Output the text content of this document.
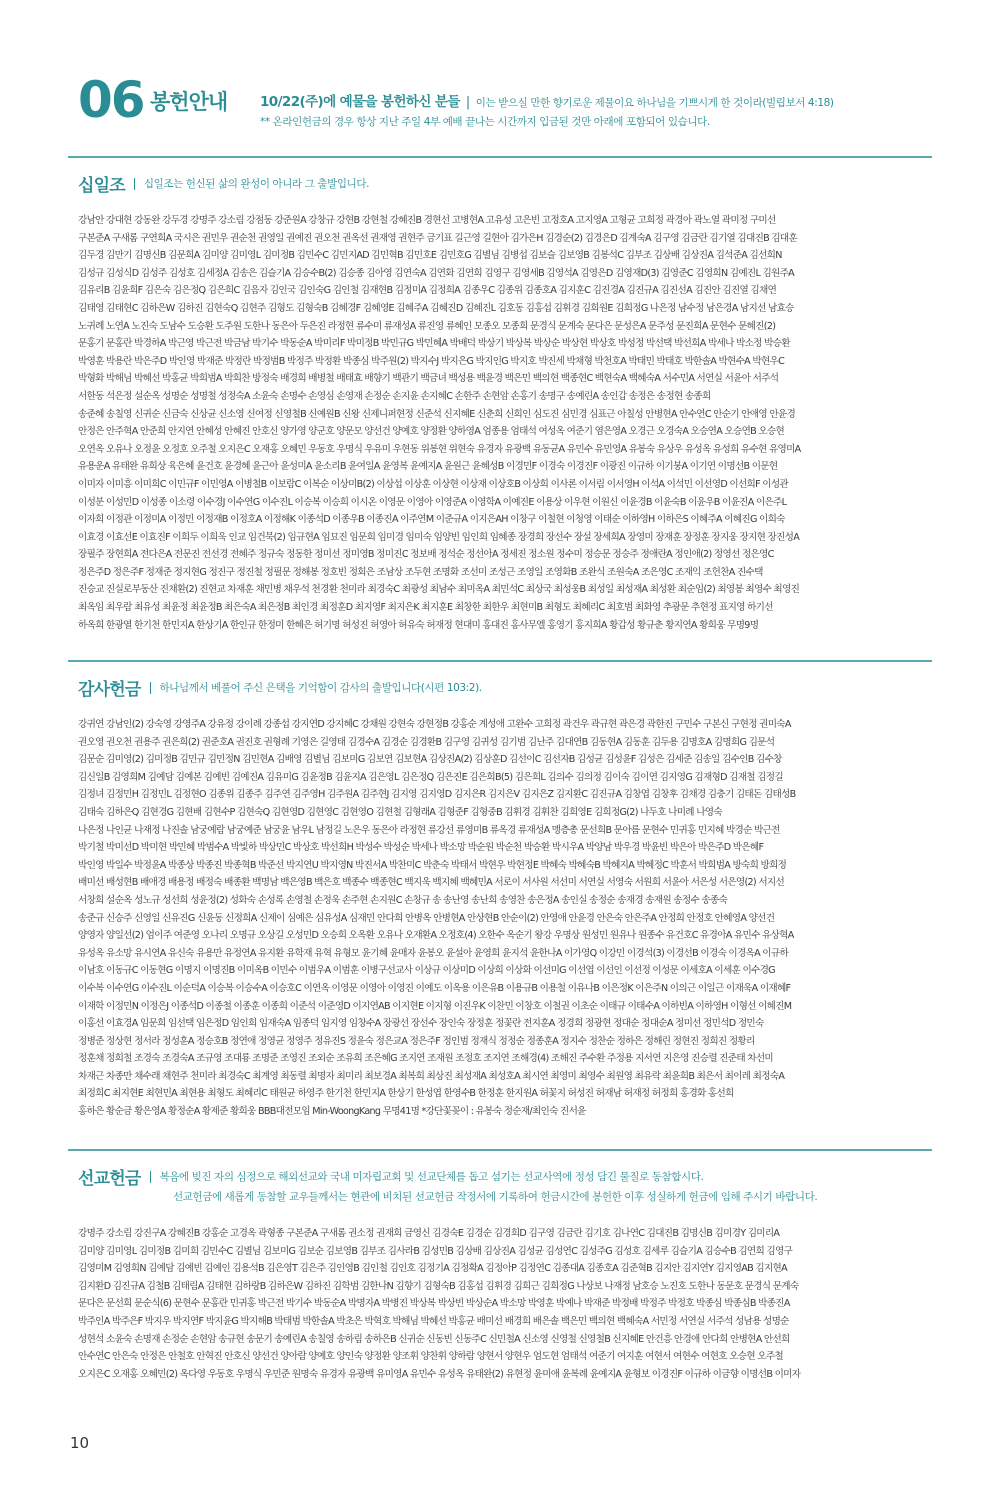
06 봉헌안내 10/22(주)에 예물을 봉헌하신 분들 | 이는 받으실 만한 향기로운 제물이요 하나님을 기쁘시게 한 것이라(빌립보서 4:18)
** 온라인헌금의 경우 항상 지난 주일 4부 예배 끝나는 시간까지 입금된 것만 아래에 포함되어 있습니다.
십일조 십일조는 헌신된 삶의 완성이 아니라 그 출발입니다.
강남안 강대현 강동완 강두경 강명주 강소림 강점동 강준원A 강창규 강현B 강현철 강혜진B 경현선 고병현A 고유성 고은빈 고정호A 고지영A 고형균 고희정 곽경아 곽노열 곽미정 구미선
구본준A 구새롬 구연희A 국시은 권민우 권순천 권영일 권예진 권오천 권옥선 권재영 권현주 금기표 길근영 길현아 김가은H 김경순(2) 김경은D 김계숙A 김구영 김금란 김기열 김대진B 김대훈
김두경 김만기 김명신B 김문희A 김미양 김미영L 김미정B 김민수C 김민지AD 김민혁B 김민호E 김민호G 김별님 김병섭 김보슬 김보영B 김봉석C 김부조 김상배 김상진A 김석준A 김선희N
김성규 김성식D 김성주 김성호 김세정A 김송은 김슬기A 김승수B(2) 김승종 김아영 김연숙A 김연화 김연희 김영구 김영세B 김영석A 김영은D 김영재D(3) 김영준C 김영희N 김예진L 김원주A
김유리B 김윤희F 김은숙 김은정Q 김은희C 김음자 김인국 김인숙G 김인철 김재현B 김정미A 김정희A 김종우C 김종위 김종호A 김지훈C 김진경A 김진규A 김진선A 김진안 김진열 김채연
김태영 김태현C 김하은W 김하진 김현숙Q 김현주 김형도 김형숙B 김혜경F 김혜영E 김혜주A 김혜진D 김혜진L 김호동 김홍섭 김휘경 김희원E 김희정G 나은정 남수정 남은경A 남지선 남효승
노귀례 노연A 노진숙 도남수 도승환 도주원 도한나 동은아 두은진 라정현 류수미 류재성A 류진영 류혜인 모종오 모종희 문경식 문계숙 문다은 문성은A 문주성 문진희A 문현수 문혜진(2)
문홍기 문홍란 박경하A 박근영 박근전 박금남 박기수 박동순A 박미리F 박미정B 박민규G 박민혜A 박배덕 박상기 박상복 박상순 박상현 박상호 박성정 박선택 박선희A 박세나 박소정 박승환
박영훈 박용란 박은주D 박인영 박재준 박정란 박정범B 박정주 박정환 박종심 박주원(2) 박지수J 박지은G 박지인G 박지호 박진세 박채형 박천호A 박태민 박태호 박한솔A 박현수A 박현우C
박형화 박해님 박혜선 박홍균 박희범A 박희찬 방정숙 배경희 배병철 배태효 배향기 백관기 백금녀 백성용 백윤경 백은민 백의현 백종현C 백현숙A 백혜숙A 서수민A 서연실 서윤아 서주석
서한동 석은정 설순옥 성명순 성명철 성정숙A 소윤숙 손명수 손영심 손영재 손정순 손지윤 손지혜C 손한주 손현암 손홍기 송명구 송예린A 송인갑 송정은 송정현 송종희
송준혜 송칠영 신귀순 신금숙 신상균 신소영 신여정 신영철B 신예원B 신왕 신제니퍼현정 신준석 신지혜E 신춘희 신희인 심도진 심민경 심표근 아칠성 안병현A 안수연C 안순기 안애영 안윤경
안정은 안주혁A 안준희 안지연 안혜성 안혜진 안호신 양가영 양군호 양문모 양선건 양예호 양정환 양하영A 엄종용 엄태석 여성옥 여준기 염은영A 오경근 오경숙A 오승연A 오승연B 오승현
오연옥 오유나 오정윤 오정호 오주철 오지은C 오재홍 오혜민 우동호 우명식 우유미 우현동 위봉현 위현숙 유경자 유광백 유동균A 유민수 유민영A 유봉숙 유상우 유성옥 유성희 유수현 유영미A
유용운A 유태완 유희상 육은혜 윤건호 윤경혜 윤근아 윤성미A 윤소리B 윤여일A 윤영복 윤예지A 윤원근 윤혜성B 이경민F 이경숙 이경진F 이광진 이규하 이기붕A 이기연 이명선B 이문현
이미자 이미흥 이미희C 이민규F 이민영A 이병철B 이보람C 이복순 이상미B(2) 이상섭 이상훈 이상현 이상재 이상호B 이상희 이사론 이서림 이서영H 이석A 이석민 이선영D 이선희F 이성관
이성분 이성민D 이성종 이소령 이수경J 이수연G 이수진L 이승복 이승희 이시온 이영문 이영아 이영준A 이영학A 이예진E 이용상 이우현 이원신 이윤경B 이윤숙B 이윤우B 이윤진A 이은주L
이자희 이정관 이정미A 이정민 이정재B 이정호A 이정해K 이종석D 이종우B 이종진A 이주연M 이준규A 이지은AH 이창구 이철현 이청영 이태순 이하영H 이하은S 이혜주A 이혜진G 이희숙
이효경 이효선E 이효진F 이희두 이희욱 인교 임건묵(2) 임규현A 임묘진 임문희 임미경 임미숙 임양빈 임인희 임혜종 장경희 장선수 장설 장세희A 장영미 장재훈 장정훈 장지웅 장지현 장진성A
장필주 장현희A 전다은A 전문진 전선경 전혜주 정규숙 정동한 정미선 정미영B 정미진C 정보배 정석순 정선아A 정세진 정소원 정수미 정승문 정승주 정애란A 정인애(2) 정영선 정은영C
정은주D 정은주F 정재준 정지현G 정진구 정진철 정필문 정해봉 정호빈 정회은 조남상 조두현 조명화 조선미 조성근 조영일 조영화B 조완식 조원숙A 조은영C 조재익 조헌찬A 진수택
진승교 진실로부동산 진채환(2) 진현교 차재훈 채민병 채우석 천경환 천미라 최경숙C 최광성 최남수 최미옥A 최민석C 최상국 최성웅B 최성일 최성재A 최성환 최순임(2) 최영봉 최영수 최영진
최옥임 최우람 최유성 최윤정 최윤정B 최은숙A 최은정B 최인경 최정훈D 최지영F 최지은K 최지훈E 최창한 최한우 최현미B 최형도 최혜리C 최호범 최화영 추광문 추현정 표지영 하기선
하옥희 한광열 한기천 한민지A 한상기A 한인규 한정미 한혜은 허기명 허성진 허영아 허유숙 허재정 현대미 홍대진 홍사무엘 홍영기 홍지희A 황갑성 황규춘 황지연A 황희웅 무명9명
감사헌금 하나님께서 베풀어 주신 은택을 기억함이 감사의 출발입니다(시편 103:2).
강귀연 강남인(2) 강숙영 강영주A 강유정 강이례 강종섭 강지연D 강지혜C 강채원 강현숙 강현정B 강홍순 계성애 고완수 고희정 곽건우 곽규현 곽은경 곽한진 구민수 구본신 구현정 권미숙A
권오영 권오천 권용주 권은희(2) 권준호A 권진호 권형례 기영은 길영태 김경수A 김경순 김경환B 김구영 김귀성 김기범 김난주 김대연B 김동현A 김동훈 김두용 김명호A 김명희G 김문석
김문순 김미영(2) 김미정B 김민규 김민정N 김민현A 김배영 김별님 김보미G 김보연 김보현A 김상진A(2) 김상훈D 김선이C 김선자B 김성균 김성윤F 김성은 김세준 김송일 김수인B 김수창
김신일B 김영희M 김예담 김예본 김예빈 김예진A 김유미G 김윤정B 김윤지A 김은영L 김은정Q 김은진E 김은희B(5) 김은희L 김의수 김의정 김이숙 김이연 김지영G 김재형D 김재철 김정길
김정녀 김정민H 김정민L 김정현O 김종위 김종주 김주연 김주영H 김주원A 김주현J 김지영 김지영D 김지은R 김지은V 김지은Z 김지환C 김진규A 김창엽 김창후 김채경 김충기 김태돈 김태성B
김태숙 김하은Q 김현경G 김현배 김현수P 김현숙Q 김현영D 김현영C 김현영O 김현철 김형래A 김형준F 김형중B 김휘경 김휘찬 김희영E 김희정G(2) 나두호 나미례 나영숙
나은정 나인균 나재정 나진솔 남궁예람 남궁예준 남궁윤 남우L 남정길 노은우 동은아 라정현 류강선 류영미B 류옥경 류재성A 맹층총 문선희B 문아름 문현수 민귀홍 민지혜 박경순 박근전
박기철 박미선D 박미현 박민혜 박범수A 박빛하 박상민C 박상호 박선희H 박성수 박성순 박세나 박소망 박순원 박순천 박승환 박시우A 박양남 박우경 박윤빈 박은아 박은주D 박은혜F
박인영 박일수 박정윤A 박종상 박종진 박종혁B 박준선 박지연U 박지영N 박진서A 박찬미C 박춘숙 박태서 박현우 박현정E 박혜숙 박혜숙B 박혜지A 박혜정C 박훈서 박희범A 방숙희 방희정
배미선 배성현B 배애경 배용정 배정숙 배종환 백명남 백은영B 백은호 백종수 백종현C 백지욱 백지혜 백혜민A 서로이 서사원 서선미 서연실 서영숙 서원희 서윤아 서은성 서은영(2) 서지선
서창희 설순옥 성노규 성선희 성윤정(2) 성화숙 손성록 손영철 손정욱 손주현 손지원C 손창규 송 송난영 송난희 송영찬 송은정A 송인실 송정순 송재경 송재원 송정수 송종숙
송준규 신승주 신영일 신유진G 신윤동 신정희A 신제이 심예은 심유성A 심재민 안다희 안병옥 안병현A 안상현B 안순이(2) 안영애 안윤경 안은숙 안은주A 안정희 안정호 안혜영A 양선건
양영자 양일선(2) 엄이주 여준영 오나리 오명규 오상길 오성민D 오승희 오옥환 오유나 오재환A 오정호(4) 오한수 옥순기 왕강 우명상 원성민 원유나 원종수 유건호C 유경아A 유민수 유상혁A
유성옥 유소망 유시연A 유신숙 유용만 유정연A 유지환 유학재 유혁 유형모 윤기혜 윤매자 윤봉오 윤설아 윤영희 윤지석 윤한나A 이가영Q 이강민 이경석(3) 이경선B 이경숙 이경옥A 이규하
이남호 이동규C 이동현G 이명지 이명진B 이미옥B 이민수 이범우A 이범훈 이병구선교사 이상규 이상미D 이상희 이상화 이선미G 이선엽 이선인 이선정 이성문 이세호A 이세훈 이수경G
이수복 이수연G 이수진L 이순덕A 이승복 이승수A 이승호C 이연옥 이영문 이영아 이영진 이예도 이옥용 이은유B 이용규B 이용철 이유나B 이은정K 이은주N 이의근 이일근 이재욱A 이재혜F
이재학 이정민N 이정은J 이종석D 이종철 이종훈 이종희 이준석 이준영D 이지연AB 이지현E 이지형 이진우K 이찬민 이창호 이철권 이초순 이태규 이태수A 이하빈A 이하영H 이형선 이혜진M
이홍선 이효경A 임문희 임선택 임은정D 임인희 임재숙A 임종덕 임지영 임창수A 장광선 장선수 장인숙 장정훈 정꽃란 전지훈A 정경희 정광현 정대순 정대순A 정미선 정민석D 정민숙
정병준 정상현 정서라 정성훈A 정승호B 정연애 정영균 정영주 정유진S 정윤숙 정은교A 정은주F 정인범 정재식 정정순 정종훈A 정지수 정찬순 정하은 정해린 정현진 정희진 정황리
정훈채 정희철 조경숙 조경숙A 조규영 조대룡 조명준 조영진 조외순 조유희 조은혜G 조지연 조재원 조정호 조지연 조해경(4) 조해진 주수환 주정용 지서연 지은영 진승렬 진준태 차선미
차재근 차종만 채수래 채현주 천미라 최경숙C 최계영 최동렬 최명자 최미리 최보경A 최복희 최상진 최성재A 최성호A 최시연 최영미 최영수 최원영 최유락 최윤희B 최은서 최이레 최정숙A
최정희C 최지현E 최현민A 최현용 최형도 최혜리C 태원균 하영주 한기천 한민지A 한상기 한성엽 한영수B 한정훈 한지원A 허꽃지 허성진 허재남 허재정 허정희 홍경화 홍선희
홍하은 황순금 황은영A 황정순A 황제준 황희웅 BBB대전모임 Min-WoongKang 무명41명 *강단꽃꽂이 : 유봉숙 정순재/최인숙 진서윤
선교헌금 복음에 빚진 자의 심정으로 해외선교와 국내 미자립교회 및 선교단체를 돕고 섬기는 선교사역에 정성 담긴 물질로 동참합시다.
선교헌금에 새롭게 동참할 교우들께서는 현관에 비치된 선교헌금 작정서에 기록하여 헌금시간에 봉헌한 이후 성실하게 헌금에 임해 주시기 바랍니다.
강명주 강소림 강진구A 강혜진B 강홍순 고경옥 곽형종 구본준A 구새롬 권소정 권재희 금영신 김경숙E 김경순 김경희D 김구영 김금란 김기호 김나연C 김대진B 김명신B 김미경Y 김미리A
김미양 김미영L 김미정B 김미희 김민수C 김별님 김보미G 김보순 김보영B 김부조 김사라B 김성민B 김상배 김상진A 김성균 김성연C 김성주G 김성호 김세루 김슬기A 김승수B 김연희 김영구
김영미M 김영희N 김예담 김예빈 김예인 김용석B 김은영T 김은주 김인영B 김인철 김인호 김정기A 김정확A 김정아P 김정연C 김종대A 김종호A 김준혁B 김지안 김지연Y 김지영AB 김지현A
김지환D 김진규A 김철B 김태림A 김태현 김하랑B 김하은W 김하진 김학범 김한나N 김향기 김형숙B 김홍섭 김휘경 김희근 김희정G 나상보 나재정 남호승 노진호 도한나 동문호 문경식 문계숙
문다은 문선희 문순식(6) 문현수 문홍란 민귀홍 박근전 박기수 박동순A 박명자A 박병진 박상복 박상빈 박상순A 박소망 박영훈 박예나 박재준 박정배 박정주 박정호 박종심 박종심B 박종진A
박주인A 박주은F 박지우 박지연F 박지윤G 박지해B 박태범 박한솔A 박초은 박혁호 박해님 박혜선 박홍균 배미선 배경희 배은솔 백은민 백의현 백혜숙A 서민정 서연실 서주석 성남용 성명순
성현석 소윤숙 손명재 손정순 손현암 송규현 송문기 송예린A 송칠영 송하림 송하은B 신귀순 신동빈 신동주C 신민철A 신소영 신영철 신영철B 신지혜E 안건흥 안경애 안다희 안병현A 안선희
안수연C 안은숙 안정은 안철호 안혁진 안호신 양선건 양아람 양예호 양인숙 양정환 양조휘 양찬휘 양하람 양현서 양현우 엄도현 엄태석 여준기 여지훈 여현서 여현수 여현호 오승현 오주철
오지은C 오재홍 오혜민(2) 옥다영 우동호 우명식 우민준 원명숙 유경자 유광백 유미영A 유민수 유성옥 유태완(2) 유현정 윤미애 윤복례 윤예지A 윤형보 이경진F 이규하 이금향 이명선B 이미자
10
